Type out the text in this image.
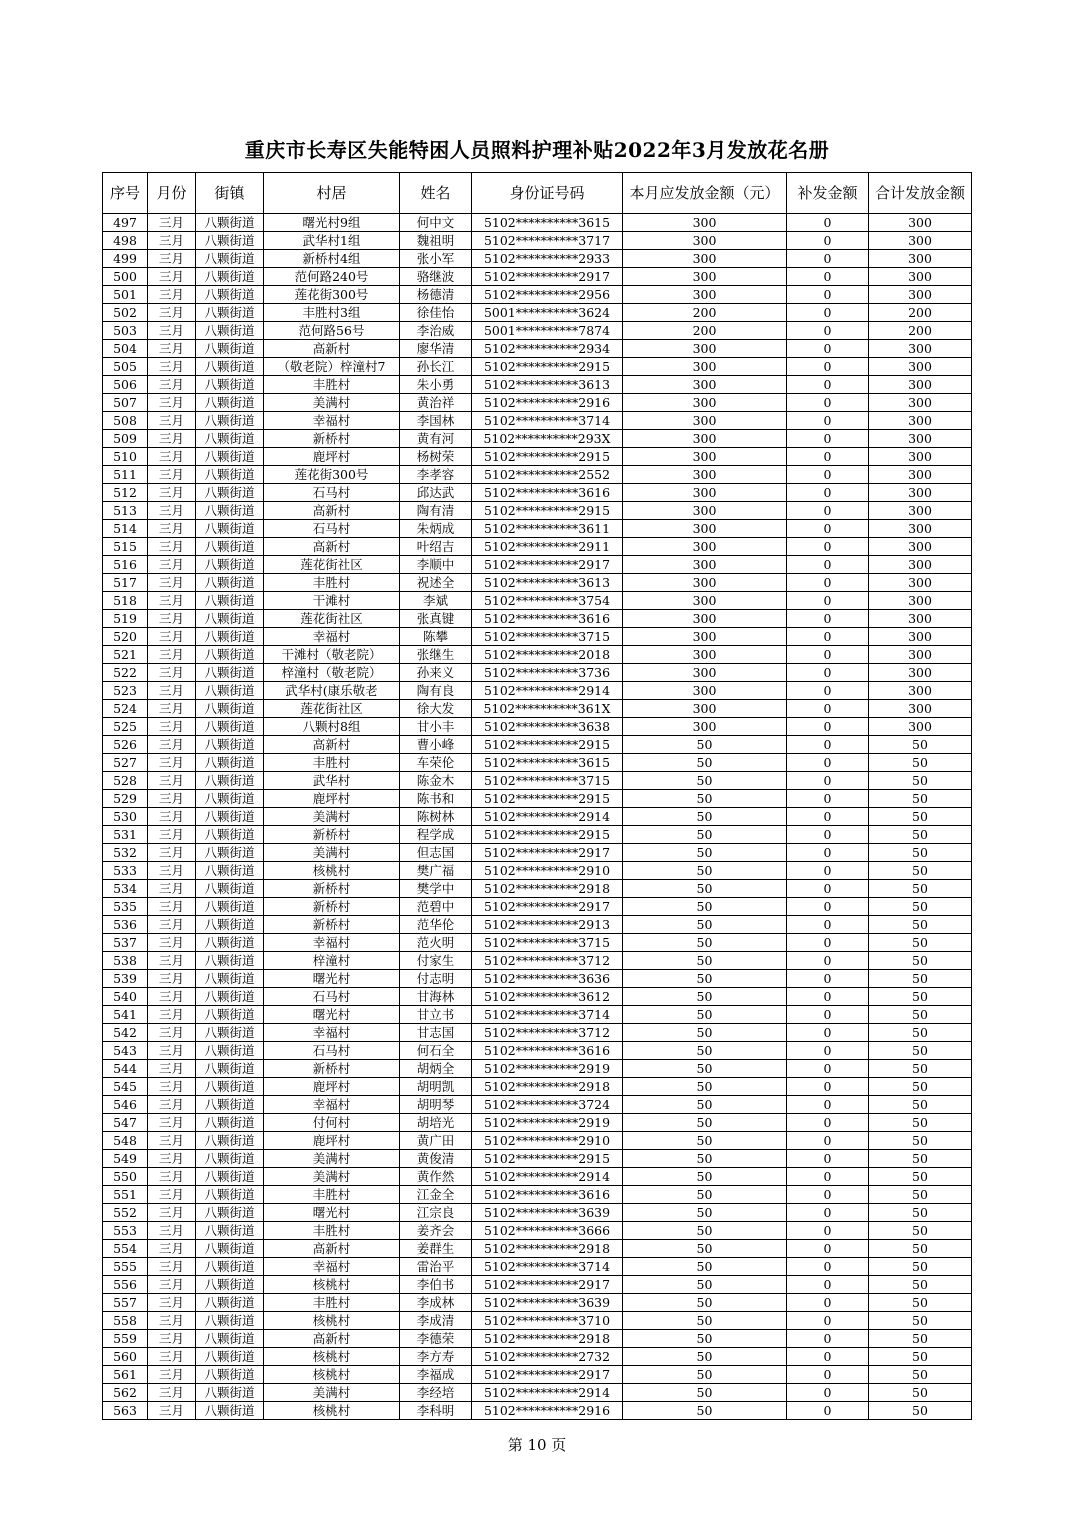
重庆市长寿区失能特困人员照料护理补贴2022年3月发放花名册
序号	月份	街镇	村居	姓名	身份证号码	本月应发放金额（元）	补发金额	合计发放金额
497	三月	八颗街道	曙光村9组	何中文	5102**********3615	300	0	300
498	三月	八颗街道	武华村1组	魏祖明	5102**********3717	300	0	300
499	三月	八颗街道	新桥村4组	张小军	5102**********2933	300	0	300
500	三月	八颗街道	范何路240号	骆继波	5102**********2917	300	0	300
501	三月	八颗街道	莲花街300号	杨德清	5102**********2956	300	0	300
502	三月	八颗街道	丰胜村3组	徐佳怡	5001**********3624	200	0	200
503	三月	八颗街道	范何路56号	李治威	5001**********7874	200	0	200
504	三月	八颗街道	高新村	廖华清	5102**********2934	300	0	300
505	三月	八颗街道	（敬老院）梓潼村7	孙长江	5102**********2915	300	0	300
506	三月	八颗街道	丰胜村	朱小勇	5102**********3613	300	0	300
507	三月	八颗街道	美满村	黄治祥	5102**********2916	300	0	300
508	三月	八颗街道	幸福村	李国林	5102**********3714	300	0	300
509	三月	八颗街道	新桥村	黄有河	5102**********293X	300	0	300
510	三月	八颗街道	鹿坪村	杨树荣	5102**********2915	300	0	300
511	三月	八颗街道	莲花街300号	李孝容	5102**********2552	300	0	300
512	三月	八颗街道	石马村	邱达武	5102**********3616	300	0	300
513	三月	八颗街道	高新村	陶有清	5102**********2915	300	0	300
514	三月	八颗街道	石马村	朱炳成	5102**********3611	300	0	300
515	三月	八颗街道	高新村	叶绍吉	5102**********2911	300	0	300
516	三月	八颗街道	莲花街社区	李顺中	5102**********2917	300	0	300
517	三月	八颗街道	丰胜村	祝述全	5102**********3613	300	0	300
518	三月	八颗街道	干滩村	李斌	5102**********3754	300	0	300
519	三月	八颗街道	莲花街社区	张真键	5102**********3616	300	0	300
520	三月	八颗街道	幸福村	陈攀	5102**********3715	300	0	300
521	三月	八颗街道	干滩村（敬老院）	张继生	5102**********2018	300	0	300
522	三月	八颗街道	梓潼村（敬老院）	孙来义	5102**********3736	300	0	300
523	三月	八颗街道	武华村(康乐敬老	陶有良	5102**********2914	300	0	300
524	三月	八颗街道	莲花街社区	徐大发	5102**********361X	300	0	300
525	三月	八颗街道	八颗村8组	甘小丰	5102**********3638	300	0	300
526	三月	八颗街道	高新村	曹小峰	5102**********2915	50	0	50
527	三月	八颗街道	丰胜村	车荣伦	5102**********3615	50	0	50
528	三月	八颗街道	武华村	陈金木	5102**********3715	50	0	50
529	三月	八颗街道	鹿坪村	陈书和	5102**********2915	50	0	50
530	三月	八颗街道	美满村	陈树林	5102**********2914	50	0	50
531	三月	八颗街道	新桥村	程学成	5102**********2915	50	0	50
532	三月	八颗街道	美满村	但志国	5102**********2917	50	0	50
533	三月	八颗街道	核桃村	樊广福	5102**********2910	50	0	50
534	三月	八颗街道	新桥村	樊学中	5102**********2918	50	0	50
535	三月	八颗街道	新桥村	范碧中	5102**********2917	50	0	50
536	三月	八颗街道	新桥村	范华伦	5102**********2913	50	0	50
537	三月	八颗街道	幸福村	范火明	5102**********3715	50	0	50
538	三月	八颗街道	梓潼村	付家生	5102**********3712	50	0	50
539	三月	八颗街道	曙光村	付志明	5102**********3636	50	0	50
540	三月	八颗街道	石马村	甘海林	5102**********3612	50	0	50
541	三月	八颗街道	曙光村	甘立书	5102**********3714	50	0	50
542	三月	八颗街道	幸福村	甘志国	5102**********3712	50	0	50
543	三月	八颗街道	石马村	何石全	5102**********3616	50	0	50
544	三月	八颗街道	新桥村	胡炳全	5102**********2919	50	0	50
545	三月	八颗街道	鹿坪村	胡明凯	5102**********2918	50	0	50
546	三月	八颗街道	幸福村	胡明琴	5102**********3724	50	0	50
547	三月	八颗街道	付何村	胡培光	5102**********2919	50	0	50
548	三月	八颗街道	鹿坪村	黄广田	5102**********2910	50	0	50
549	三月	八颗街道	美满村	黄俊清	5102**********2915	50	0	50
550	三月	八颗街道	美满村	黄作然	5102**********2914	50	0	50
551	三月	八颗街道	丰胜村	江金全	5102**********3616	50	0	50
552	三月	八颗街道	曙光村	江宗良	5102**********3639	50	0	50
553	三月	八颗街道	丰胜村	姜齐会	5102**********3666	50	0	50
554	三月	八颗街道	高新村	姜群生	5102**********2918	50	0	50
555	三月	八颗街道	幸福村	雷治平	5102**********3714	50	0	50
556	三月	八颗街道	核桃村	李伯书	5102**********2917	50	0	50
557	三月	八颗街道	丰胜村	李成林	5102**********3639	50	0	50
558	三月	八颗街道	核桃村	李成清	5102**********3710	50	0	50
559	三月	八颗街道	高新村	李德荣	5102**********2918	50	0	50
560	三月	八颗街道	核桃村	李方寿	5102**********2732	50	0	50
561	三月	八颗街道	核桃村	李福成	5102**********2917	50	0	50
562	三月	八颗街道	美满村	李经培	5102**********2914	50	0	50
563	三月	八颗街道	核桃村	李科明	5102**********2916	50	0	50
第 10 页
